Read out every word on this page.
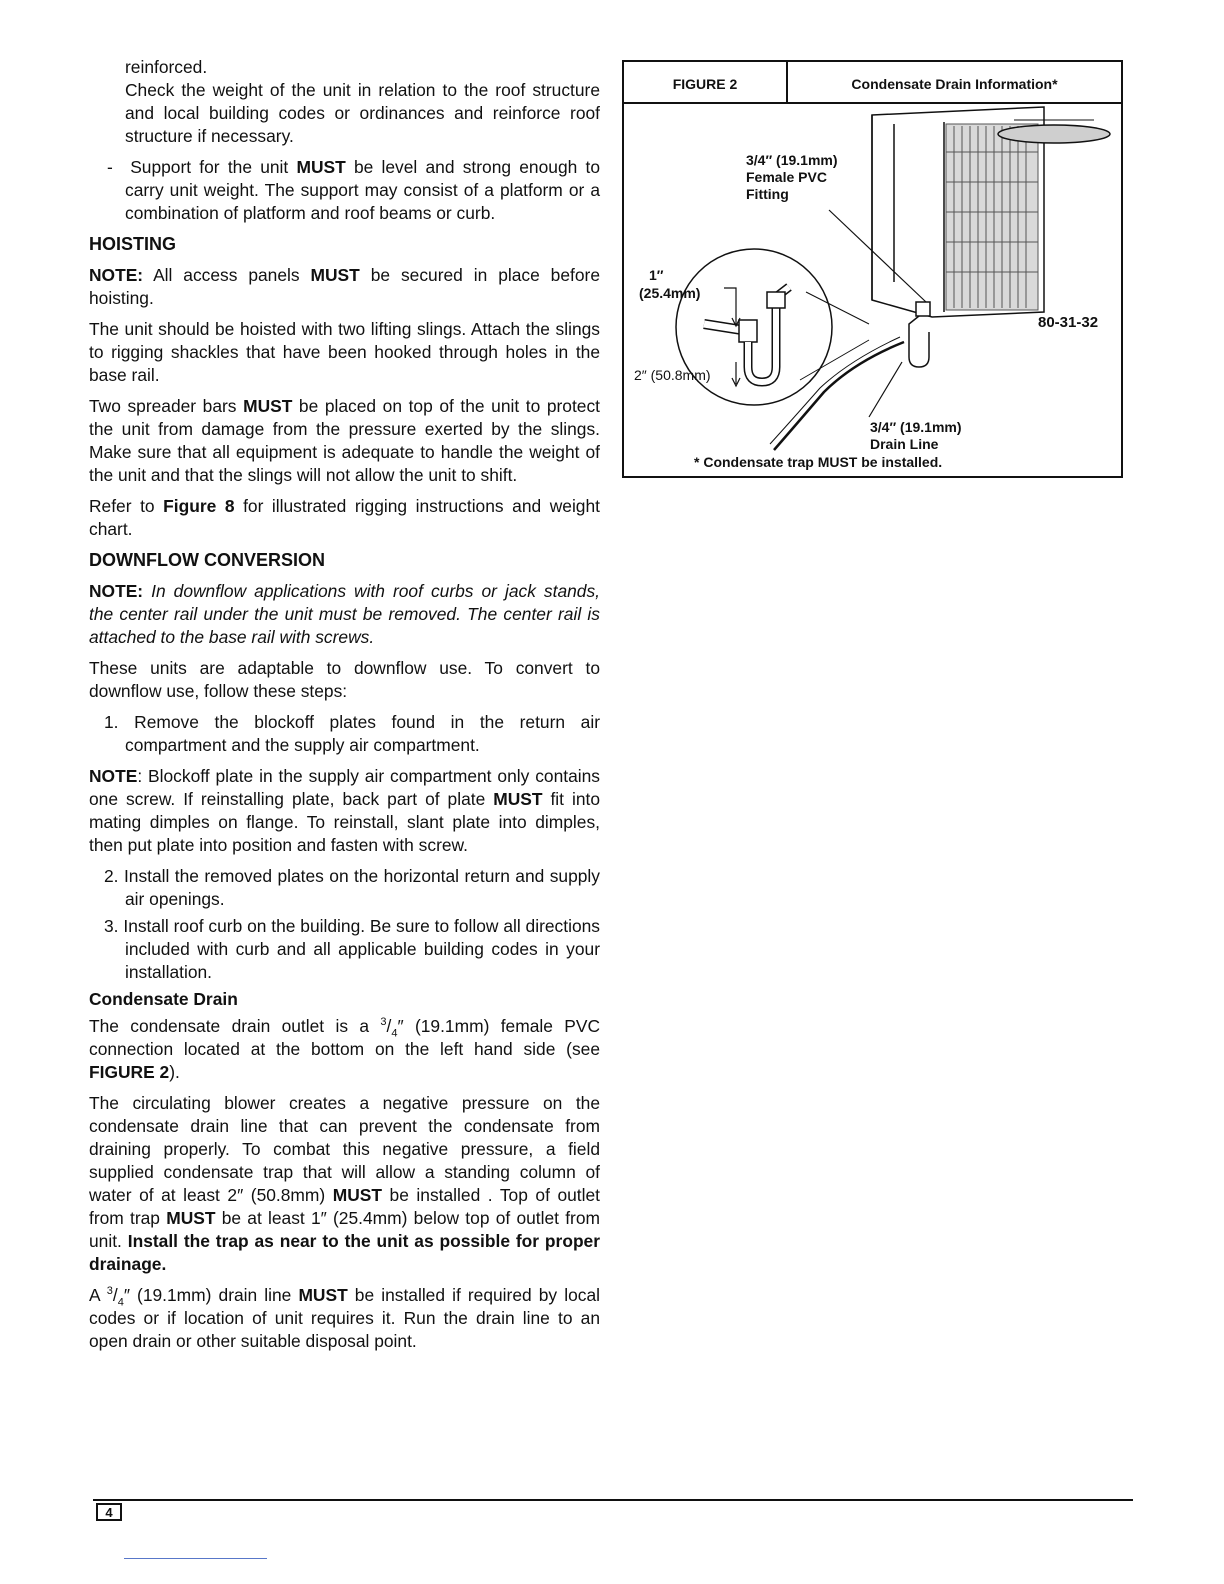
reinforced.

Check the weight of the unit in relation to the roof structure and local building codes or ordinances and reinforce roof structure if necessary.

-  Support for the unit MUST be level and strong enough to carry unit weight. The support may consist of a platform or a combination of platform and roof beams or curb.

HOISTING

NOTE: All access panels MUST be secured in place before hoisting.

The unit should be hoisted with two lifting slings. Attach the slings to rigging shackles that have been hooked through holes in the base rail.

Two spreader bars MUST be placed on top of the unit to protect the unit from damage from the pressure exerted by the slings. Make sure that all equipment is adequate to handle the weight of the unit and that the slings will not allow the unit to shift.

Refer to Figure 8 for illustrated rigging instructions and weight chart.

DOWNFLOW CONVERSION

NOTE: In downflow applications with roof curbs or jack stands, the center rail under the unit must be removed. The center rail is attached to the base rail with screws.

These units are adaptable to downflow use. To convert to downflow use, follow these steps:

1. Remove the blockoff plates found in the return air compartment and the supply air compartment.

NOTE: Blockoff plate in the supply air compartment only contains one screw. If reinstalling plate, back part of plate MUST fit into mating dimples on flange. To reinstall, slant plate into dimples, then put plate into position and fasten with screw.

2. Install the removed plates on the horizontal return and supply air openings.

3. Install roof curb on the building. Be sure to follow all directions included with curb and all applicable building codes in your installation.

Condensate Drain

The condensate drain outlet is a $^3/_4''$ (19.1mm) female PVC connection located at the bottom on the left hand side (see FIGURE 2).

The circulating blower creates a negative pressure on the condensate drain line that can prevent the condensate from draining properly. To combat this negative pressure, a field supplied condensate trap that will allow a standing column of water of at least 2″ (50.8mm) MUST be installed . Top of outlet from trap MUST be at least 1″ (25.4mm) below top of outlet from unit. Install the trap as near to the unit as possible for proper drainage.

A $^3/_4''$ (19.1mm) drain line MUST be installed if required by local codes or if location of unit requires it. Run the drain line to an open drain or other suitable disposal point.

FIGURE 2	Condensate Drain Information*
3/4″ (19.1mm)
Female PVC
Fitting
1″
(25.4mm)
2″ (50.8mm)
80-31-32
3/4″ (19.1mm)
Drain Line
* Condensate trap MUST be installed.
4
